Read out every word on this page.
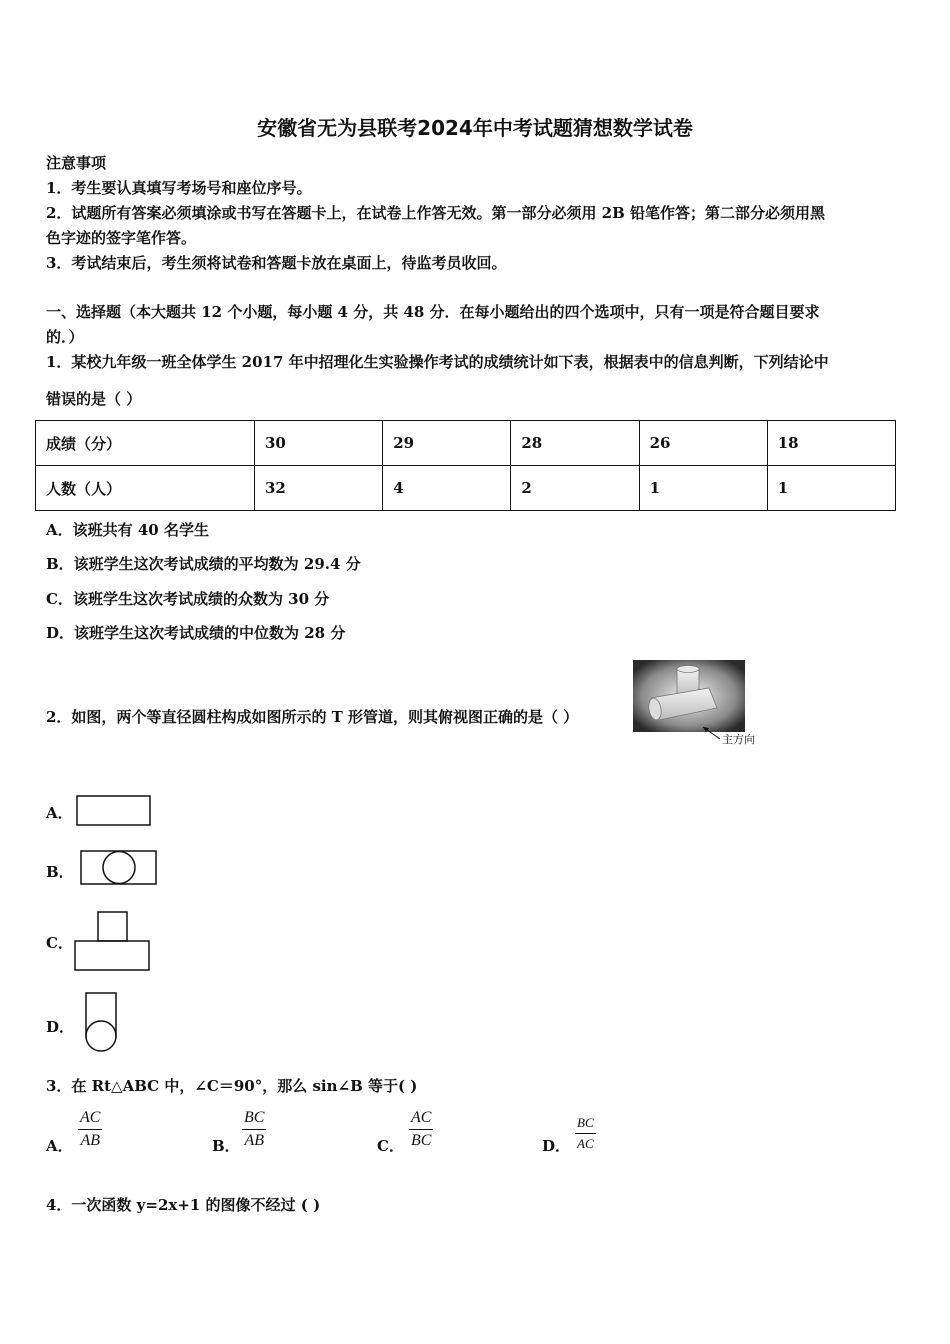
安徽省无为县联考2024年中考试题猜想数学试卷
注意事项
1．考生要认真填写考场号和座位序号。
2．试题所有答案必须填涂或书写在答题卡上，在试卷上作答无效。第一部分必须用 2B 铅笔作答；第二部分必须用黑
色字迹的签字笔作答。
3．考试结束后，考生须将试卷和答题卡放在桌面上，待监考员收回。
一、选择题（本大题共 12 个小题，每小题 4 分，共 48 分．在每小题给出的四个选项中，只有一项是符合题目要求
的．）
1．某校九年级一班全体学生 2017 年中招理化生实验操作考试的成绩统计如下表，根据表中的信息判断，下列结论中
错误的是（ ）
成绩（分）	30	29	28	26	18
人数（人）	32	4	2	1	1
A．该班共有 40 名学生
B．该班学生这次考试成绩的平均数为 29.4 分
C．该班学生这次考试成绩的众数为 30 分
D．该班学生这次考试成绩的中位数为 28 分
2．如图，两个等直径圆柱构成如图所示的 T 形管道，则其俯视图正确的是（ ）
主方向
A．
B．
C．
D．
3．在 Rt△ABC 中，∠C＝90°，那么 sin∠B 等于( )
A． $\frac{AC}{AB}$	B． $\frac{BC}{AB}$	C． $\frac{AC}{BC}$	D． $\frac{BC}{AC}$
4．一次函数 y=2x+1 的图像不经过 ( )
